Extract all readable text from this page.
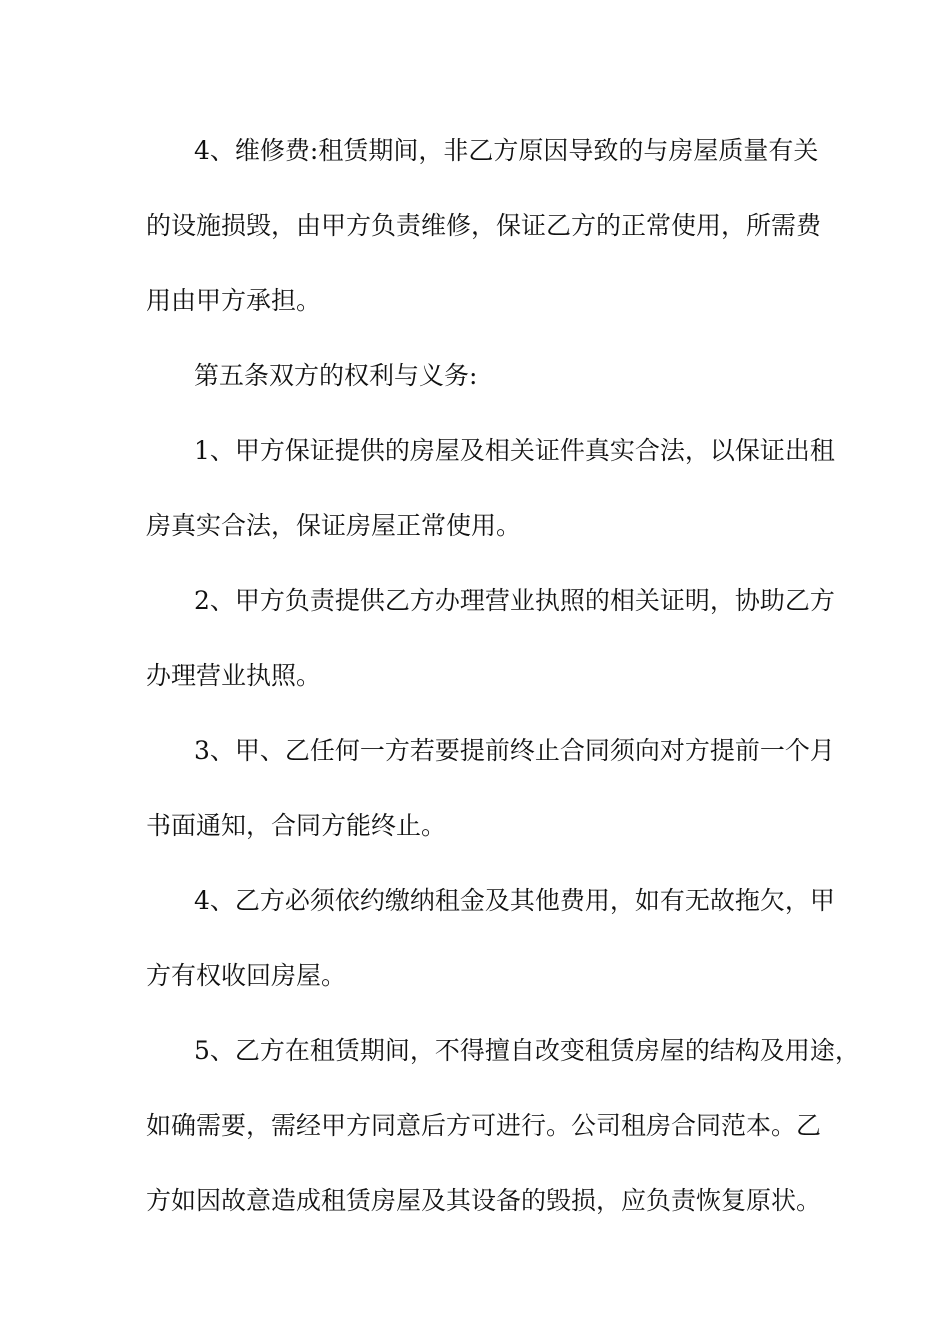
4、维修费:租赁期间，非乙方原因导致的与房屋质量有关
的设施损毁，由甲方负责维修，保证乙方的正常使用，所需费
用由甲方承担。
第五条双方的权利与义务:
1、甲方保证提供的房屋及相关证件真实合法，以保证出租
房真实合法，保证房屋正常使用。
2、甲方负责提供乙方办理营业执照的相关证明，协助乙方
办理营业执照。
3、甲、乙任何一方若要提前终止合同须向对方提前一个月
书面通知，合同方能终止。
4、乙方必须依约缴纳租金及其他费用，如有无故拖欠，甲
方有权收回房屋。
5、乙方在租赁期间，不得擅自改变租赁房屋的结构及用途，
如确需要，需经甲方同意后方可进行。公司租房合同范本。乙
方如因故意造成租赁房屋及其设备的毁损，应负责恢复原状。
